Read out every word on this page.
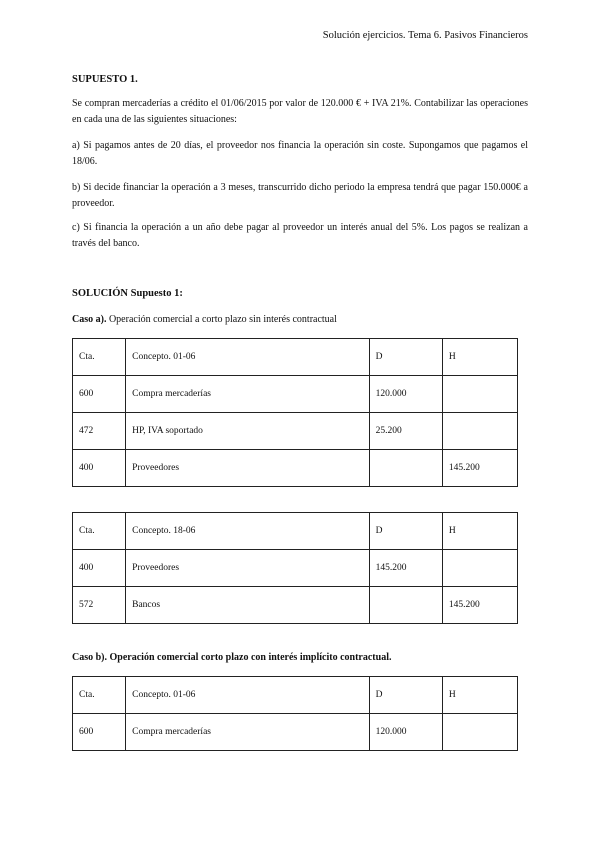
Solución ejercicios. Tema 6. Pasivos Financieros
SUPUESTO 1.

Se compran mercaderías a crédito el 01/06/2015 por valor de 120.000 € + IVA 21%. Contabilizar las operaciones en cada una de las siguientes situaciones:

a) Si pagamos antes de 20 días, el proveedor nos financia la operación sin coste. Supongamos que pagamos el 18/06.

b) Si decide financiar la operación a 3 meses, transcurrido dicho periodo la empresa tendrá que pagar 150.000€ a proveedor.

c) Si financia la operación a un año debe pagar al proveedor un interés anual del 5%. Los pagos se realizan a través del banco.

SOLUCIÓN Supuesto 1:
Caso a). Operación comercial a corto plazo sin interés contractual
Cta.	Concepto. 01-06	D	H
600	Compra mercaderías	120.000	
472	HP, IVA soportado	25.200	
400	Proveedores		145.200
Cta.	Concepto. 18-06	D	H
400	Proveedores	145.200	
572	Bancos		145.200
Caso b). Operación comercial corto plazo con interés implícito contractual.
Cta.	Concepto. 01-06	D	H
600	Compra mercaderías	120.000	
